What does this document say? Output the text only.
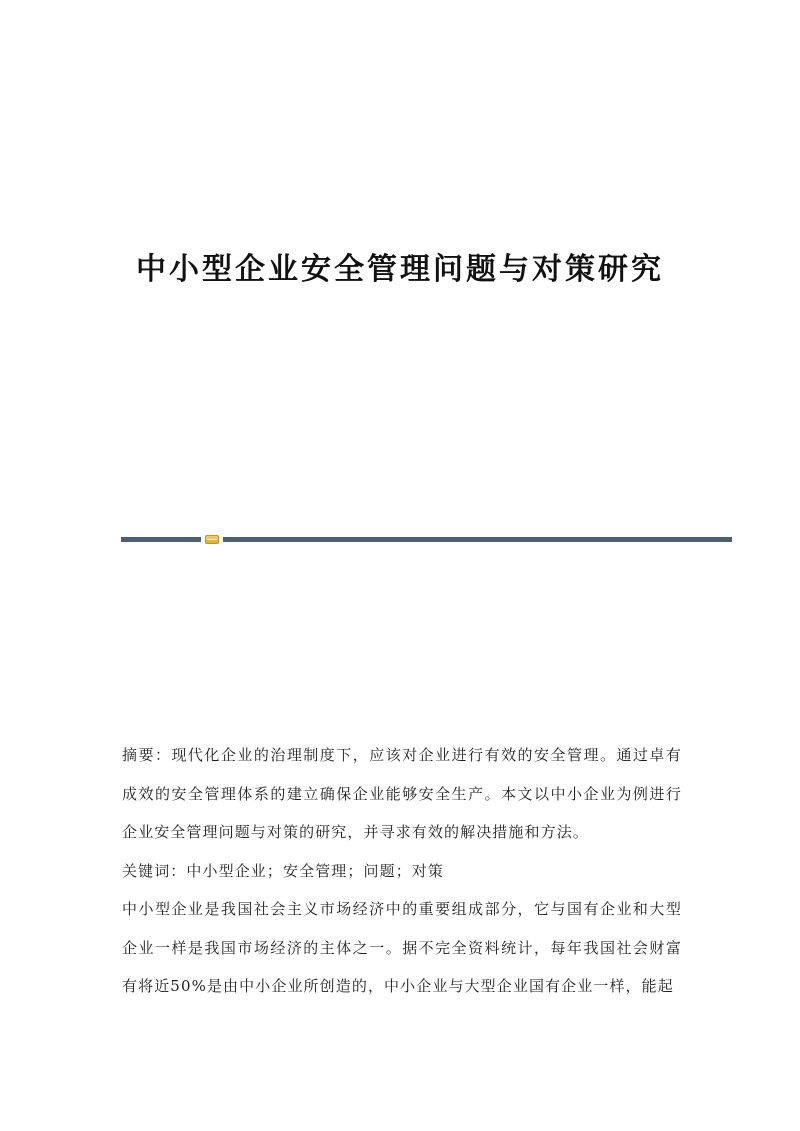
中小型企业安全管理问题与对策研究

摘要：现代化企业的治理制度下，应该对企业进行有效的安全管理。通过卓有成效的安全管理体系的建立确保企业能够安全生产。本文以中小企业为例进行企业安全管理问题与对策的研究，并寻求有效的解决措施和方法。

关键词：中小型企业；安全管理；问题；对策

中小型企业是我国社会主义市场经济中的重要组成部分，它与国有企业和大型企业一样是我国市场经济的主体之一。据不完全资料统计，每年我国社会财富有将近50%是由中小企业所创造的，中小企业与大型企业国有企业一样，能起
